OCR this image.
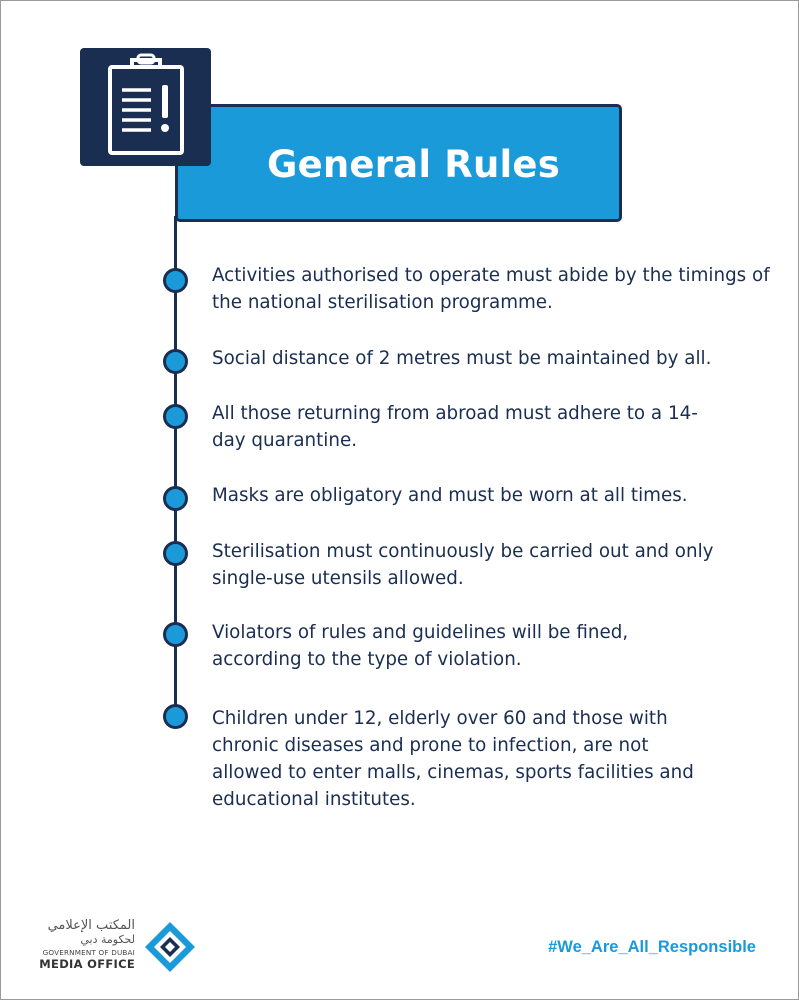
General Rules
Activities authorised to operate must abide by the timings of the national sterilisation programme.
Social distance of 2 metres must be maintained by all.
All those returning from abroad must adhere to a 14-day quarantine.
Masks are obligatory and must be worn at all times.
Sterilisation must continuously be carried out and only single-use utensils allowed.
Violators of rules and guidelines will be fined, according to the type of violation.
Children under 12, elderly over 60 and those with chronic diseases and prone to infection, are not allowed to enter malls, cinemas, sports facilities and educational institutes.
المكتب الإعلامي
لحكومة دبي
GOVERNMENT OF DUBAI
MEDIA OFFICE
#We_Are_All_Responsible
